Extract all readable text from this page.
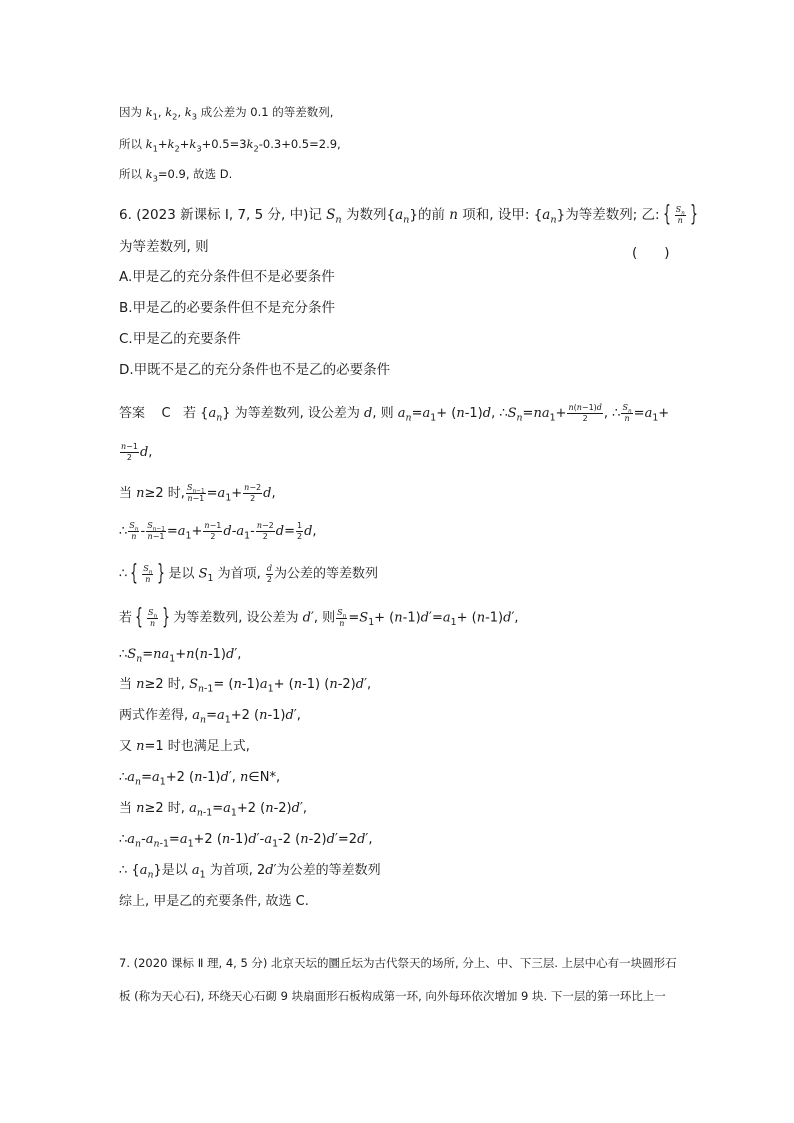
因为 $k_1$, $k_2$, $k_3$ 成公差为 0.1 的等差数列,
所以 $k_1+k_2+k_3+0.5=3k_2-0.3+0.5=2.9$,
所以 $k_3=0.9$, 故选 D.
6. (2023 新课标 Ⅰ, 7, 5 分, 中)记 $S_n$ 为数列$\{a_n\}$的前 n 项和, 设甲: $\{a_n\}$为等差数列; 乙: { $\frac{S_n}{n}$ }
为等差数列, 则	(　　)
A.甲是乙的充分条件但不是必要条件
B.甲是乙的必要条件但不是充分条件
C.甲是乙的充要条件
D.甲既不是乙的充分条件也不是乙的必要条件
答案 C 若 $\{a_n\}$ 为等差数列, 设公差为 d, 则 $a_n=a_1+ (n-1)d$, $\therefore S_n=na_1+ \frac{n(n-1)d}{2}$ , ∴ $\frac{S_n}{n} =a_1+$
$\frac{n-1}{2} d$,
当 n≥2 时, $\frac{S_{n-1}}{n-1} =a_1+ \frac{n-2}{2} d$,
∴ $\frac{S_n}{n} - \frac{S_{n-1}}{n-1} =a_1+ \frac{n-1}{2} d-a_1- \frac{n-2}{2} d= \frac{1}{2} d$,
∴ { $\frac{S_n}{n}$ } 是以 $S_1$ 为首项, $\frac{d}{2}$ 为公差的等差数列
若 { $\frac{S_n}{n}$ } 为等差数列, 设公差为 d′, 则 $\frac{S_n}{n} =S_1+ (n-1)d'=a_1+ (n-1)d'$,
$\therefore S_n=na_1+n(n-1)d'$,
当 n≥2 时, $S_{n-1}= (n-1)a_1+ (n-1)$ (n-2)d′,
两式作差得, $a_n=a_1+2$ (n-1)d′,
又 n=1 时也满足上式,
$\therefore a_n=a_1+2$ (n-1)d′, n∈N*,
当 n≥2 时, $a_{n-1}=a_1+2$ (n-2)d′,
$\therefore a_n-a_{n-1}=a_1+2$ $(n-1)d'-a_1-2$ (n-2)d′=2d′,
∴ $\{a_n\}$是以 $a_1$ 为首项, 2d′为公差的等差数列
综上, 甲是乙的充要条件, 故选 C.
7. (2020 课标 Ⅱ 理, 4, 5 分) 北京天坛的圜丘坛为古代祭天的场所, 分上、中、下三层. 上层中心有一块圆形石
板 (称为天心石), 环绕天心石砌 9 块扇面形石板构成第一环, 向外每环依次增加 9 块. 下一层的第一环比上一
